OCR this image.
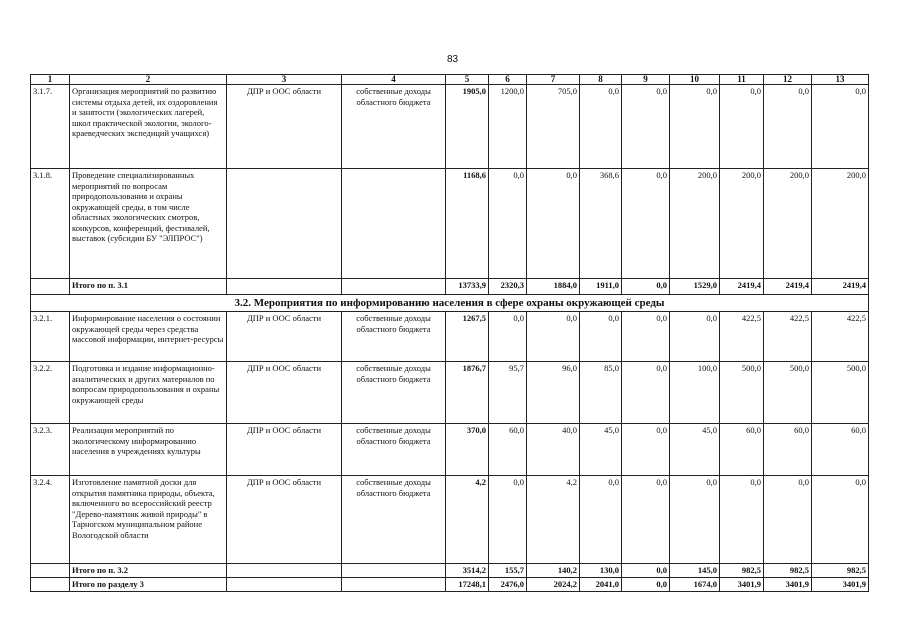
83
1	2	3	4	5	6	7	8	9	10	11	12	13
3.1.7.	Организация мероприятий по развитию системы отдыха детей, их оздоровления и занятости (экологических лагерей, школ практической экологии, эколого-краеведческих экспедиций учащихся)	ДПР и ООС области	собственные доходы областного бюджета	1905,0	1200,0	705,0	0,0	0,0	0,0	0,0	0,0	0,0
3.1.8.	Проведение специализированных мероприятий по вопросам природопользования и охраны окружающей среды, в том числе областных экологических смотров, конкурсов, конференций, фестивалей, выставок (субсидии БУ "ЭЛПРОС")			1168,6	0,0	0,0	368,6	0,0	200,0	200,0	200,0	200,0
	Итого по п. 3.1			13733,9	2320,3	1884,0	1911,0	0,0	1529,0	2419,4	2419,4	2419,4
3.2. Мероприятия по информированию населения в сфере охраны окружающей среды												
3.2.1.	Информирование населения о состоянии окружающей среды через средства массовой информации, интернет-ресурсы	ДПР и ООС области	собственные доходы областного бюджета	1267,5	0,0	0,0	0,0	0,0	0,0	422,5	422,5	422,5
3.2.2.	Подготовка и издание информационно-аналитических и других материалов по вопросам природопользования и охраны окружающей среды	ДПР и ООС области	собственные доходы областного бюджета	1876,7	95,7	96,0	85,0	0,0	100,0	500,0	500,0	500,0
3.2.3.	Реализация мероприятий по экологическому информированию населения в учреждениях культуры	ДПР и ООС области	собственные доходы областного бюджета	370,0	60,0	40,0	45,0	0,0	45,0	60,0	60,0	60,0
3.2.4.	Изготовление памятной доски для открытия памятника природы, объекта, включенного во всероссийский реестр "Дерево-памятник живой природы" в Тарногском муниципальном районе Вологодской области	ДПР и ООС области	собственные доходы областного бюджета	4,2	0,0	4,2	0,0	0,0	0,0	0,0	0,0	0,0
	Итого по п. 3.2			3514,2	155,7	140,2	130,0	0,0	145,0	982,5	982,5	982,5
	Итого по разделу 3			17248,1	2476,0	2024,2	2041,0	0,0	1674,0	3401,9	3401,9	3401,9
